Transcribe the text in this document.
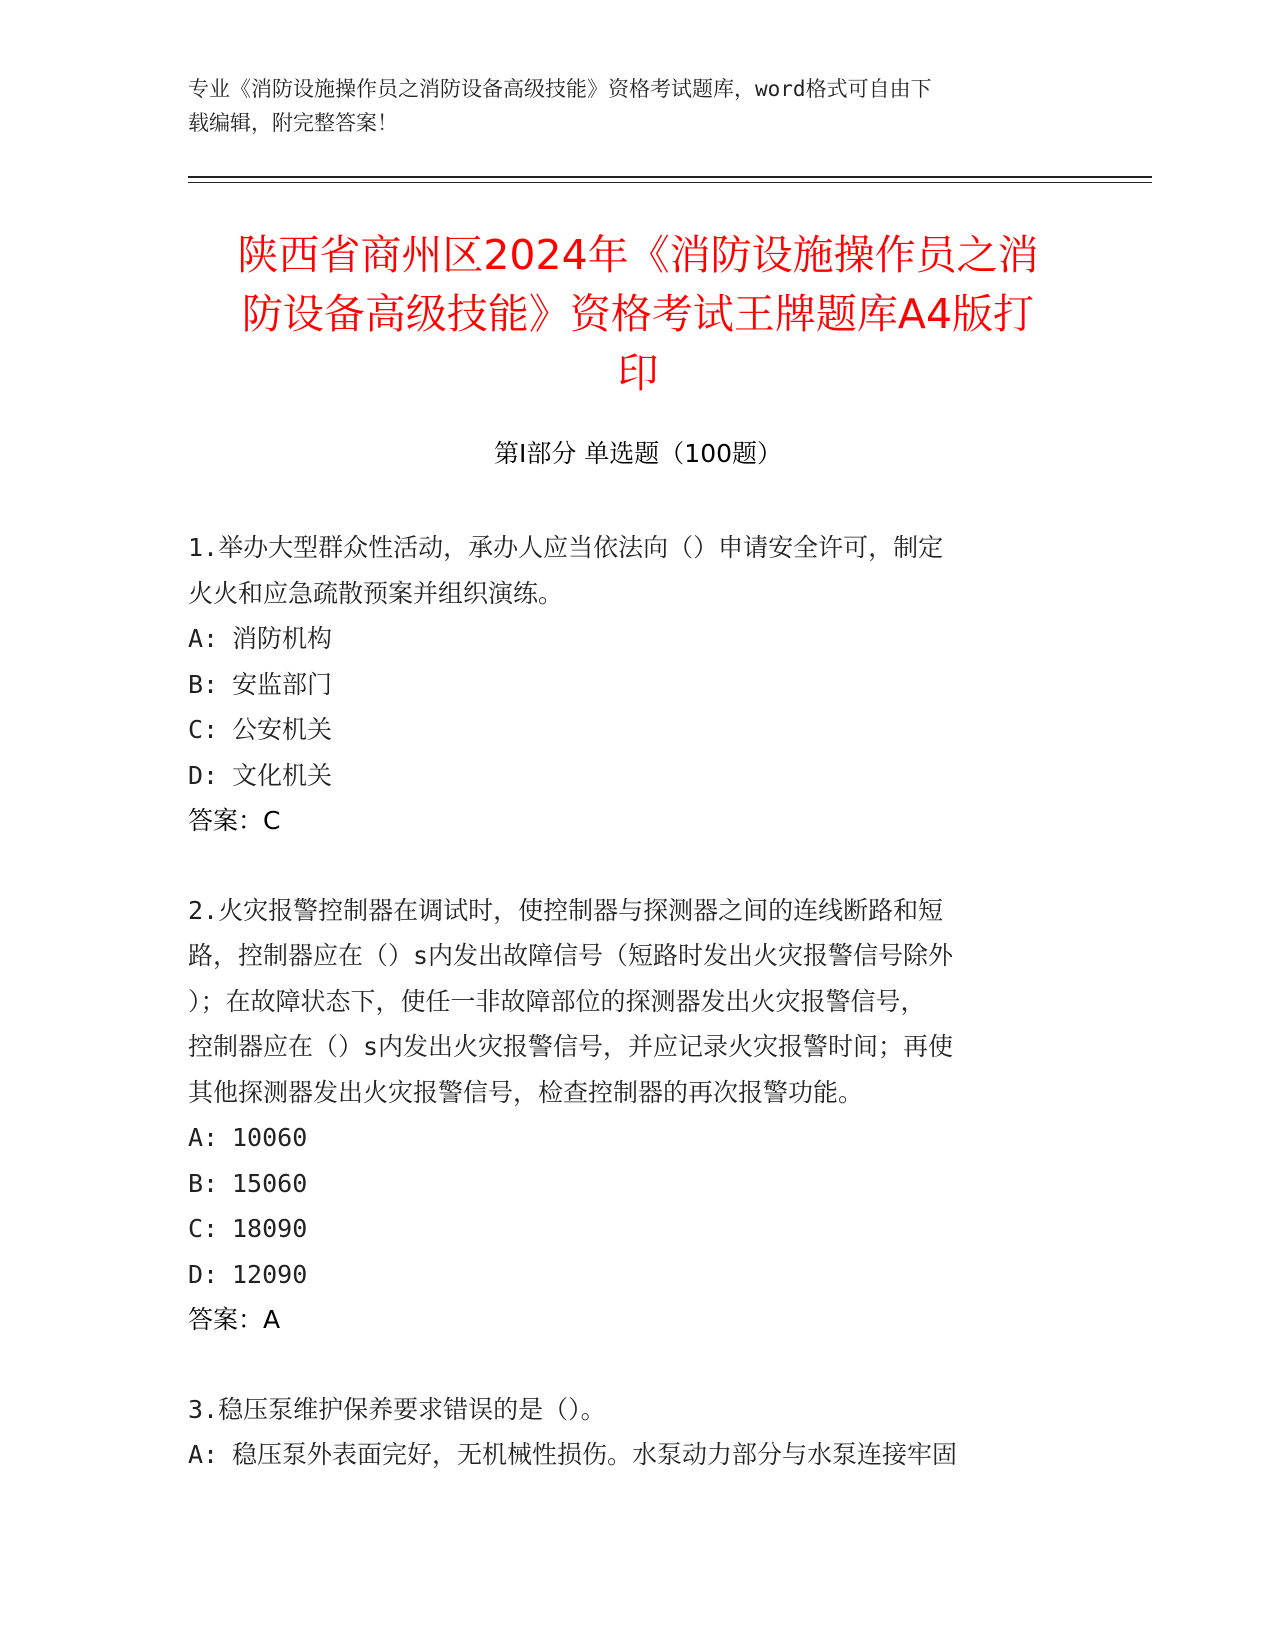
专业《消防设施操作员之消防设备高级技能》资格考试题库，word格式可自由下
载编辑，附完整答案！
陕西省商州区2024年《消防设施操作员之消
防设备高级技能》资格考试王牌题库A4版打
印
第I部分 单选题（100题）
1.举办大型群众性活动，承办人应当依法向（）申请安全许可，制定
火火和应急疏散预案并组织演练。
A: 消防机构
B: 安监部门
C: 公安机关
D: 文化机关
答案：C
2.火灾报警控制器在调试时，使控制器与探测器之间的连线断路和短
路，控制器应在（）s内发出故障信号（短路时发出火灾报警信号除外
）；在故障状态下，使任一非故障部位的探测器发出火灾报警信号，
控制器应在（）s内发出火灾报警信号，并应记录火灾报警时间；再使
其他探测器发出火灾报警信号，检查控制器的再次报警功能。
A: 10060
B: 15060
C: 18090
D: 12090
答案：A
3.稳压泵维护保养要求错误的是（）。
A: 稳压泵外表面完好，无机械性损伤。水泵动力部分与水泵连接牢固
